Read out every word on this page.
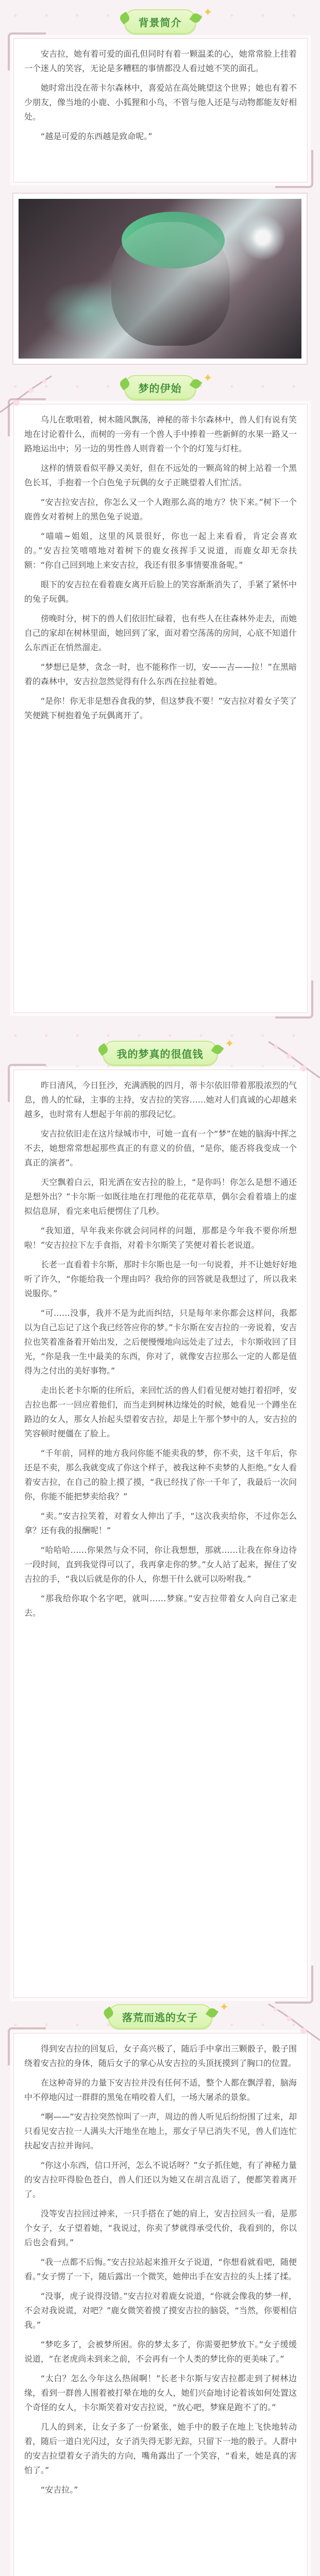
背景简介
✦

安吉拉，她有着可爱的面孔但同时有着一颗温柔的心，她常常脸上挂着一个迷人的笑容，无论是多糟糕的事情都没人看过她不笑的面孔。

她时常出没在蒂卡尔森林中，喜爱站在高处眺望这个世界；她也有着不少朋友，像当地的小鹿、小狐狸和小鸟，不管与他人还是与动物都能友好相处。

“越是可爱的东西越是致命呢。”

梦的伊始
✦

乌儿在歌唱着，树木随风飘荡，神秘的蒂卡尔森林中，兽人们有说有笑地在讨论着什么，而树的一旁有一个兽人手中捧着一些新鲜的水果一路又一路地运出中；另一边的男性兽人则背着一个个的灯笼与灯柱。

这样的情景看似平静又美好，但在不远处的一颗高耸的树上站着一个黑色长耳，手抱着一个白色兔子玩偶的女子正眺望着人们忙活。

“安吉拉安吉拉，你怎么又一个人跑那么高的地方？快下来。”树下一个鹿兽女对着树上的黑色兔子说道。

“喵喵~姐姐，这里的风景很好，你也一起上来看看，肯定会喜欢的。”安吉拉笑嘻嘻地对着树下的鹿女孩挥手又说道，而鹿女却无奈扶额：“你自己回到地上来安吉拉，我还有很多事情要准备呢。”

眼下的安吉拉在看着鹿女离开后脸上的笑容渐渐消失了，手紧了紧怀中的兔子玩偶。

傍晚时分，树下的兽人们依旧忙碌着，也有些人在往森林外走去，而她自己的家却在树林里面，她回到了家，面对着空荡荡的房间，心底不知道什么东西正在悄然溜走。

“梦想已是梦，贪念一时，也不能称作一切，安——吉——拉！”在黑暗着的森林中，安吉拉忽然觉得有什么东西在拉扯着她。

“是你！你无非是想吞食我的梦，但这梦我不要！”安吉拉对着女子笑了笑便跳下树抱着兔子玩偶离开了。

我的梦真的很值钱
✦

昨日清风，今日狂沙，充满洒脱的四月，蒂卡尔依旧带着那股浓烈的气息，兽人的忙碌，主事的主持，安吉拉的笑容……她对人们真诚的心却越来越多，也时常有人想起于年前的那段记忆。

安吉拉依旧走在这片绿城市中，可她一直有一个“梦”在她的脑海中挥之不去，她想常常想起那些真正的有意义的价值，“是你，能否将我变成一个真正的演者”。

天空飘着白云，阳光洒在安吉拉的脸上，“是你吗！你怎么是想不通还是想外出？”卡尔斯一如既往地在打理他的花花草草，偶尔会看着墙上的虚拟信息屏，看完来电后便愣住了几秒。

“我知道，早年我来你就会问同样的问题，那都是今年我不要你所想啦！”安吉拉拉下左手食指，对着卡尔斯笑了笑便对着长老说道。

长老一直看着卡尔斯，那时卡尔斯也是一句一句说着，并不让她好好地听了许久，“你能给我一个理由吗？我给你的回答就是我想过了，所以我来说服你。”

“可……没事，我并不是为此而纠结，只是每年来你都会这样问，我都以为自己忘记了这个我已经答应你的梦。”卡尔斯在安吉拉的一旁说着，安吉拉也笑着准备着开始出发，之后便慢慢地向远处走了过去，卡尔斯收回了目光，“你是我一生中最美的东西，你对了，就像安吉拉那么一定的人都是值得为之付出的美好事物。”

走出长老卡尔斯的住所后，来回忙活的兽人们看见便对她打着招呼，安吉拉也都一一回应着他们，而当走到树林边缘处的时候，她看见一个蹲坐在路边的女人，那女人抬起头望着安吉拉，却是上午那个梦中的人，安吉拉的笑容顿时便僵在了脸上。

“千年前，同样的地方我问你能不能卖我的梦，你不卖，这千年后，你还是不卖，那么我就变成了你这个样子，被我这种不卖梦的人拒绝。”女人看着安吉拉，在自己的脸上摸了摸，“我已经找了你一千年了，我最后一次问你，你能不能把梦卖给我？”

“卖。”安吉拉笑着，对着女人伸出了手，“这次我卖给你，不过你怎么拿？还有我的报酬呢！”

“哈哈哈……你果然与众不同，你让我想想，那就……让我在你身边待一段时间，直到我觉得可以了，我再拿走你的梦。”女人站了起来，握住了安吉拉的手，“我以后就是你的仆人，你想干什么就可以吩咐我。”

“那我给你取个名字吧，就叫……梦寐。”安吉拉带着女人向自己家走去。

落荒而逃的女子
✦

得到安吉拉的回复后，女子高兴极了，随后手中拿出三颗骰子，骰子围绕着安吉拉的身体，随后女子的掌心从安吉拉的头顶抚摸到了胸口的位置。

在这种奇异的力量下安吉拉并没有任何不适，整个人都在飘浮着，脑海中不停地闪过一群群的黑兔在啃咬着人们，一场大屠杀的景象。

“啊——”安吉拉突然惊叫了一声，周边的兽人听见后纷纷围了过来，却只看见安吉拉一人满头大汗地坐在地上，那女子早已消失不见，兽人们连忙扶起安吉拉并询问。

“你这小东西，信口开河，怎么不说话呀？”女子抓住她，有了神秘力量的安吉拉吓得脸色苍白，兽人们还以为她又在胡言乱语了，便都笑着离开了。

没等安吉拉回过神来，一只手搭在了她的肩上，安吉拉回头一看，是那个女子，女子望着她，“我说过，你卖了梦就得承受代价，我看到的，你以后也会看到。”

“我一点都不后悔。”安吉拉站起来推开女子说道，“你想看就看吧，随便看。”女子愣了一下，随后露出一个微笑，她伸出手在安吉拉的头上揉了揉。

“没事，虎子说得没错。”安吉拉对着鹿女说道，“你就会像我的梦一样，不会对我说谎，对吧？”鹿女微笑着摸了摸安吉拉的脑袋，“当然，你要相信我。”

“梦吃多了，会被梦所困。你的梦太多了，你需要把梦放下。”女子缓缓说道，“在老虎尚未到来之前，不会再有一个人类的梦比你的更美味了。”

“太白？怎么今年这么热闹啊！”长老卡尔斯与安吉拉都走到了树林边缘，看到一群兽人围着被打晕在地的女人，她们兴奋地讨论着该如何处置这个奇怪的女人，卡尔斯笑着对安吉拉说，“放心吧，梦寐是跑不了的。”

几人的到来，让女子多了一份紧张，她手中的骰子在地上飞快地转动着，随后一道白光闪过，女子消失得无影无踪，只留下一地的骰子。人群中的安吉拉望着女子消失的方向，嘴角露出了一个笑容，“看来，她是真的害怕了。”

“安吉拉。”
